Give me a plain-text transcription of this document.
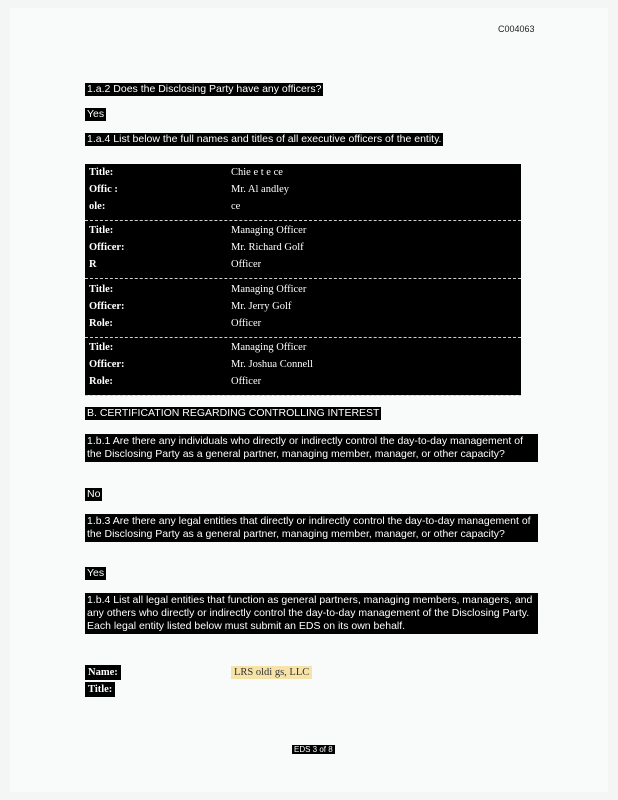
C004063
1.a.2 Does the Disclosing Party have any officers?
Yes
1.a.4 List below the full names and titles of all executive officers of the entity.
Title:	Chie e t e ce
Offic :	Mr. Al andley
ole:	ce
Title:	Managing Officer
Officer:	Mr. Richard Golf
R	Officer
Title:	Managing Officer
Officer:	Mr. Jerry Golf
Role:	Officer
Title:	Managing Officer
Officer:	Mr. Joshua Connell
Role:	Officer
B. CERTIFICATION REGARDING CONTROLLING INTEREST
1.b.1 Are there any individuals who directly or indirectly control the day-to-day management of the Disclosing Party as a general partner, managing member, manager, or other capacity?
No
1.b.3 Are there any legal entities that directly or indirectly control the day-to-day management of the Disclosing Party as a general partner, managing member, manager, or other capacity?
Yes
1.b.4 List all legal entities that function as general partners, managing members, managers, and any others who directly or indirectly control the day-to-day management of the Disclosing Party. Each legal entity listed below must submit an EDS on its own behalf.
Name:	LRS oldi gs, LLC
Title:
EDS 3 of 8
